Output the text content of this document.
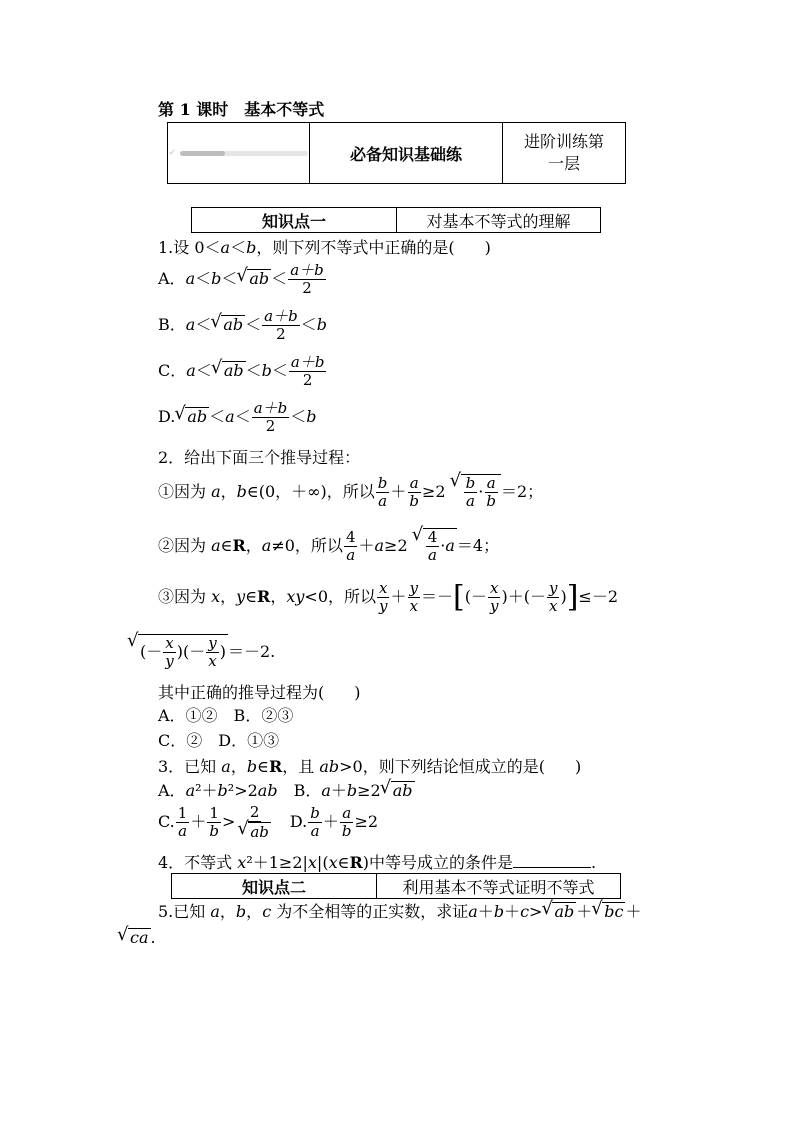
第 1 课时　基本不等式
✓	必备知识基础练
进阶训练第
一层
知识点一	对基本不等式的理解
1.设 0＜a＜b，则下列不等式中正确的是( )
A．a＜b＜ √ ab ＜ $\frac{a+b}{2}$
B．a＜ √ ab ＜ $\frac{a+b}{2} <b$
C．a＜ √ ab $<b< \frac{a+b}{2}$
D. √ ab $<a< \frac{a+b}{2} <b$
2．给出下面三个推导过程：
①因为 a，b∈(0，＋∞)，所以 $\frac{b}{a} + \frac{a}{b} \ge 2$ √ $\frac{b}{a} \cdot \frac{a}{b} =2$；
②因为 a∈R，a≠0，所以 $\frac{4}{a} +a\ge 2$ √ $\frac{4}{a} \cdot a =4$；
③因为 x，y∈R，xy<0，所以 $\frac{x}{y} + \frac{y}{x}$ ＝－[(－ $\frac{x}{y}$ )＋(－ $\frac{y}{x} )]\le-2$
√ (－ $\frac{x}{y}$ )(－ $\frac{y}{x}$ ) ＝－2.
其中正确的推导过程为( )
A．①②　B．②③
C．②　D．①③
3．已知 a，b∈R，且 ab>0，则下列结论恒成立的是( )
A．a²＋b²>2ab　B．a＋b≥2 √ ab
C. $\frac{1}{a} + \frac{1}{b} > 2$
√ ab 　D. $\frac{b}{a} + \frac{a}{b} \ge 2$
4．不等式 x²＋1≥2|x|(x∈R)中等号成立的条件是	.
知识点二	利用基本不等式证明不等式
5.已知 a，b，c 为不全相等的正实数，求证a＋b＋c> √ ab ＋ √ bc ＋
√ ca .
